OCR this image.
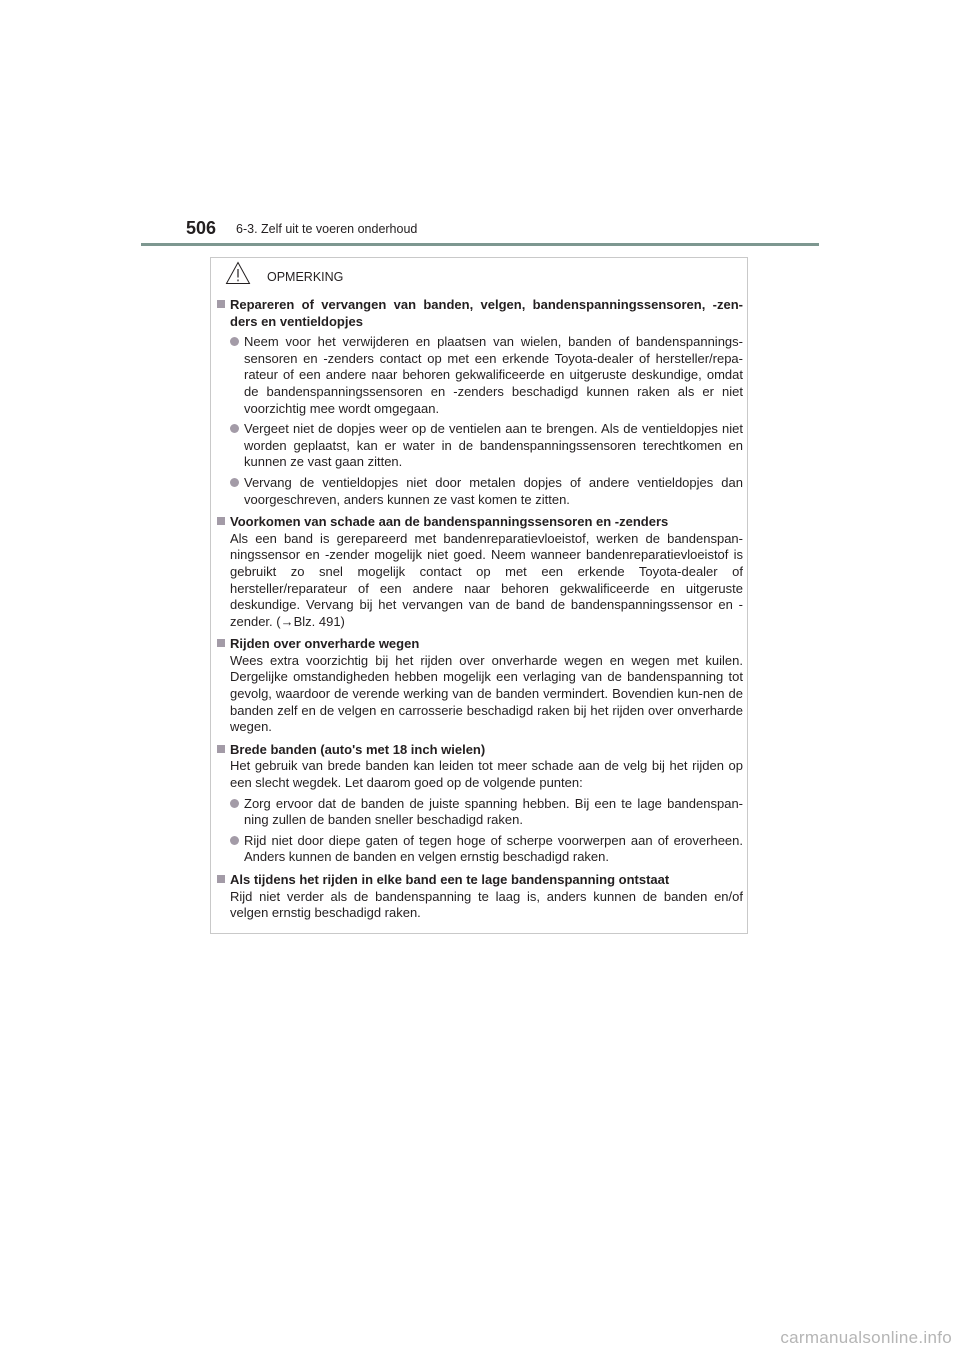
506 6-3. Zelf uit te voeren onderhoud
OPMERKING
Repareren of vervangen van banden, velgen, bandenspanningssensoren, -zen-ders en ventieldopjes
Neem voor het verwijderen en plaatsen van wielen, banden of bandenspannings-sensoren en -zenders contact op met een erkende Toyota-dealer of hersteller/repa-rateur of een andere naar behoren gekwalificeerde en uitgeruste deskundige, omdat de bandenspanningssensoren en -zenders beschadigd kunnen raken als er niet voorzichtig mee wordt omgegaan.
Vergeet niet de dopjes weer op de ventielen aan te brengen. Als de ventieldopjes niet worden geplaatst, kan er water in de bandenspanningssensoren terechtkomen en kunnen ze vast gaan zitten.
Vervang de ventieldopjes niet door metalen dopjes of andere ventieldopjes dan voorgeschreven, anders kunnen ze vast komen te zitten.
Voorkomen van schade aan de bandenspanningssensoren en -zenders
Als een band is gerepareerd met bandenreparatievloeistof, werken de bandenspan-ningssensor en -zender mogelijk niet goed. Neem wanneer bandenreparatievloeistof is gebruikt zo snel mogelijk contact op met een erkende Toyota-dealer of hersteller/reparateur of een andere naar behoren gekwalificeerde en uitgeruste deskundige. Vervang bij het vervangen van de band de bandenspanningssensor en -zender. (→Blz. 491)
Rijden over onverharde wegen
Wees extra voorzichtig bij het rijden over onverharde wegen en wegen met kuilen. Dergelijke omstandigheden hebben mogelijk een verlaging van de bandenspanning tot gevolg, waardoor de verende werking van de banden vermindert. Bovendien kun-nen de banden zelf en de velgen en carrosserie beschadigd raken bij het rijden over onverharde wegen.
Brede banden (auto's met 18 inch wielen)
Het gebruik van brede banden kan leiden tot meer schade aan de velg bij het rijden op een slecht wegdek. Let daarom goed op de volgende punten:
Zorg ervoor dat de banden de juiste spanning hebben. Bij een te lage bandenspan-ning zullen de banden sneller beschadigd raken.
Rijd niet door diepe gaten of tegen hoge of scherpe voorwerpen aan of eroverheen. Anders kunnen de banden en velgen ernstig beschadigd raken.
Als tijdens het rijden in elke band een te lage bandenspanning ontstaat
Rijd niet verder als de bandenspanning te laag is, anders kunnen de banden en/of velgen ernstig beschadigd raken.
carmanualsonline.info
